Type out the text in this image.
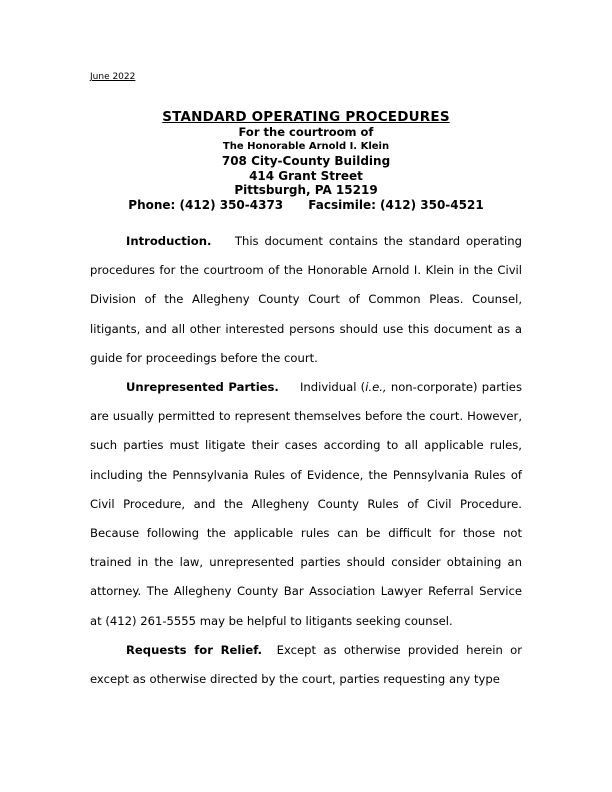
June 2022
STANDARD OPERATING PROCEDURES
For the courtroom of
The Honorable Arnold I. Klein
708 City-County Building
414 Grant Street
Pittsburgh, PA 15219
Phone: (412) 350-4373 Facsimile: (412) 350-4521

Introduction. This document contains the standard operating procedures for the courtroom of the Honorable Arnold I. Klein in the Civil Division of the Allegheny County Court of Common Pleas. Counsel, litigants, and all other interested persons should use this document as a guide for proceedings before the court.

Unrepresented Parties. Individual (i.e., non-corporate) parties are usually permitted to represent themselves before the court. However, such parties must litigate their cases according to all applicable rules, including the Pennsylvania Rules of Evidence, the Pennsylvania Rules of Civil Procedure, and the Allegheny County Rules of Civil Procedure. Because following the applicable rules can be difficult for those not trained in the law, unrepresented parties should consider obtaining an attorney. The Allegheny County Bar Association Lawyer Referral Service at (412) 261-5555 may be helpful to litigants seeking counsel.

Requests for Relief. Except as otherwise provided herein or except as otherwise directed by the court, parties requesting any type
